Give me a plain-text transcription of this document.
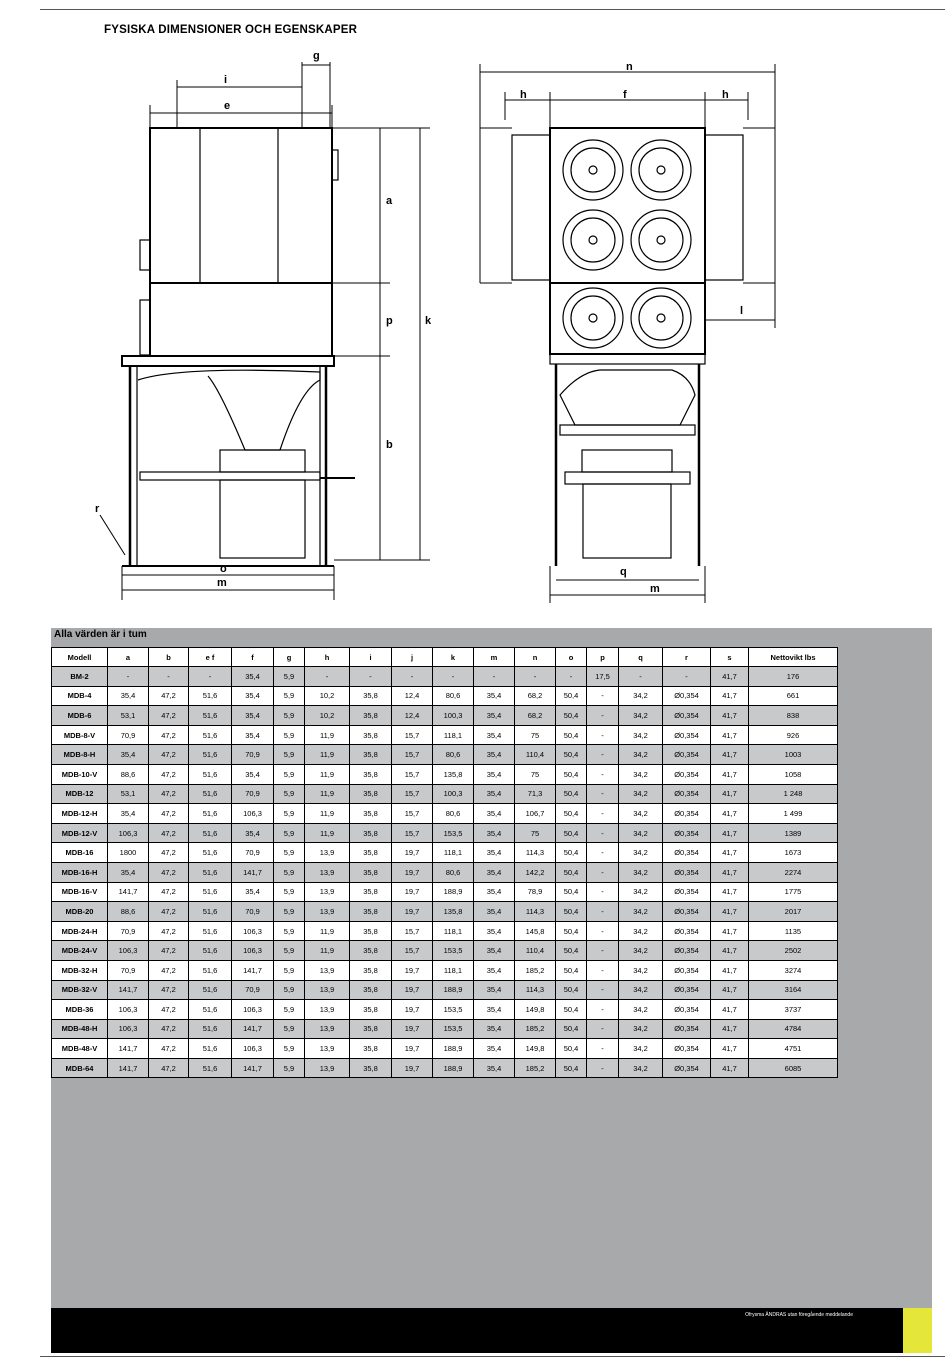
FYSISKA DIMENSIONER OCH EGENSKAPER
g
i
e
a
p	k
b
r
o
m
n
h	f	h
l
q
m
Alla värden är i tum
Modell	a	b	e f	f	g	h	i	j	k	m	n	o	p	q	r	s	Nettovikt lbs
BM-2	-	-	-	35,4	5,9	-	-	-	-	-	-	-	17,5	-	-	41,7	176
MDB-4	35,4	47,2	51,6	35,4	5,9	10,2	35,8	12,4	80,6	35,4	68,2	50,4	-	34,2	Ø0,354	41,7	661
MDB-6	53,1	47,2	51,6	35,4	5,9	10,2	35,8	12,4	100,3	35,4	68,2	50,4	-	34,2	Ø0,354	41,7	838
MDB-8-V	70,9	47,2	51,6	35,4	5,9	11,9	35,8	15,7	118,1	35,4	75	50,4	-	34,2	Ø0,354	41,7	926
MDB-8-H	35,4	47,2	51,6	70,9	5,9	11,9	35,8	15,7	80,6	35,4	110,4	50,4	-	34,2	Ø0,354	41,7	1003
MDB-10-V	88,6	47,2	51,6	35,4	5,9	11,9	35,8	15,7	135,8	35,4	75	50,4	-	34,2	Ø0,354	41,7	1058
MDB-12	53,1	47,2	51,6	70,9	5,9	11,9	35,8	15,7	100,3	35,4	71,3	50,4	-	34,2	Ø0,354	41,7	1 248
MDB-12-H	35,4	47,2	51,6	106,3	5,9	11,9	35,8	15,7	80,6	35,4	106,7	50,4	-	34,2	Ø0,354	41,7	1 499
MDB-12-V	106,3	47,2	51,6	35,4	5,9	11,9	35,8	15,7	153,5	35,4	75	50,4	-	34,2	Ø0,354	41,7	1389
MDB-16	1800	47,2	51,6	70,9	5,9	13,9	35,8	19,7	118,1	35,4	114,3	50,4	-	34,2	Ø0,354	41,7	1673
MDB-16-H	35,4	47,2	51,6	141,7	5,9	13,9	35,8	19,7	80,6	35,4	142,2	50,4	-	34,2	Ø0,354	41,7	2274
MDB-16-V	141,7	47,2	51,6	35,4	5,9	13,9	35,8	19,7	188,9	35,4	78,9	50,4	-	34,2	Ø0,354	41,7	1775
MDB-20	88,6	47,2	51,6	70,9	5,9	13,9	35,8	19,7	135,8	35,4	114,3	50,4	-	34,2	Ø0,354	41,7	2017
MDB-24-H	70,9	47,2	51,6	106,3	5,9	11,9	35,8	15,7	118,1	35,4	145,8	50,4	-	34,2	Ø0,354	41,7	1135
MDB-24-V	106,3	47,2	51,6	106,3	5,9	11,9	35,8	15,7	153,5	35,4	110,4	50,4	-	34,2	Ø0,354	41,7	2502
MDB-32-H	70,9	47,2	51,6	141,7	5,9	13,9	35,8	19,7	118,1	35,4	185,2	50,4	-	34,2	Ø0,354	41,7	3274
MDB-32-V	141,7	47,2	51,6	70,9	5,9	13,9	35,8	19,7	188,9	35,4	114,3	50,4	-	34,2	Ø0,354	41,7	3164
MDB-36	106,3	47,2	51,6	106,3	5,9	13,9	35,8	19,7	153,5	35,4	149,8	50,4	-	34,2	Ø0,354	41,7	3737
MDB-48-H	106,3	47,2	51,6	141,7	5,9	13,9	35,8	19,7	153,5	35,4	185,2	50,4	-	34,2	Ø0,354	41,7	4784
MDB-48-V	141,7	47,2	51,6	106,3	5,9	13,9	35,8	19,7	188,9	35,4	149,8	50,4	-	34,2	Ø0,354	41,7	4751
MDB-64	141,7	47,2	51,6	141,7	5,9	13,9	35,8	19,7	188,9	35,4	185,2	50,4	-	34,2	Ø0,354	41,7	6085
Ofrysma ÄNDRAS utan föregående meddelande
